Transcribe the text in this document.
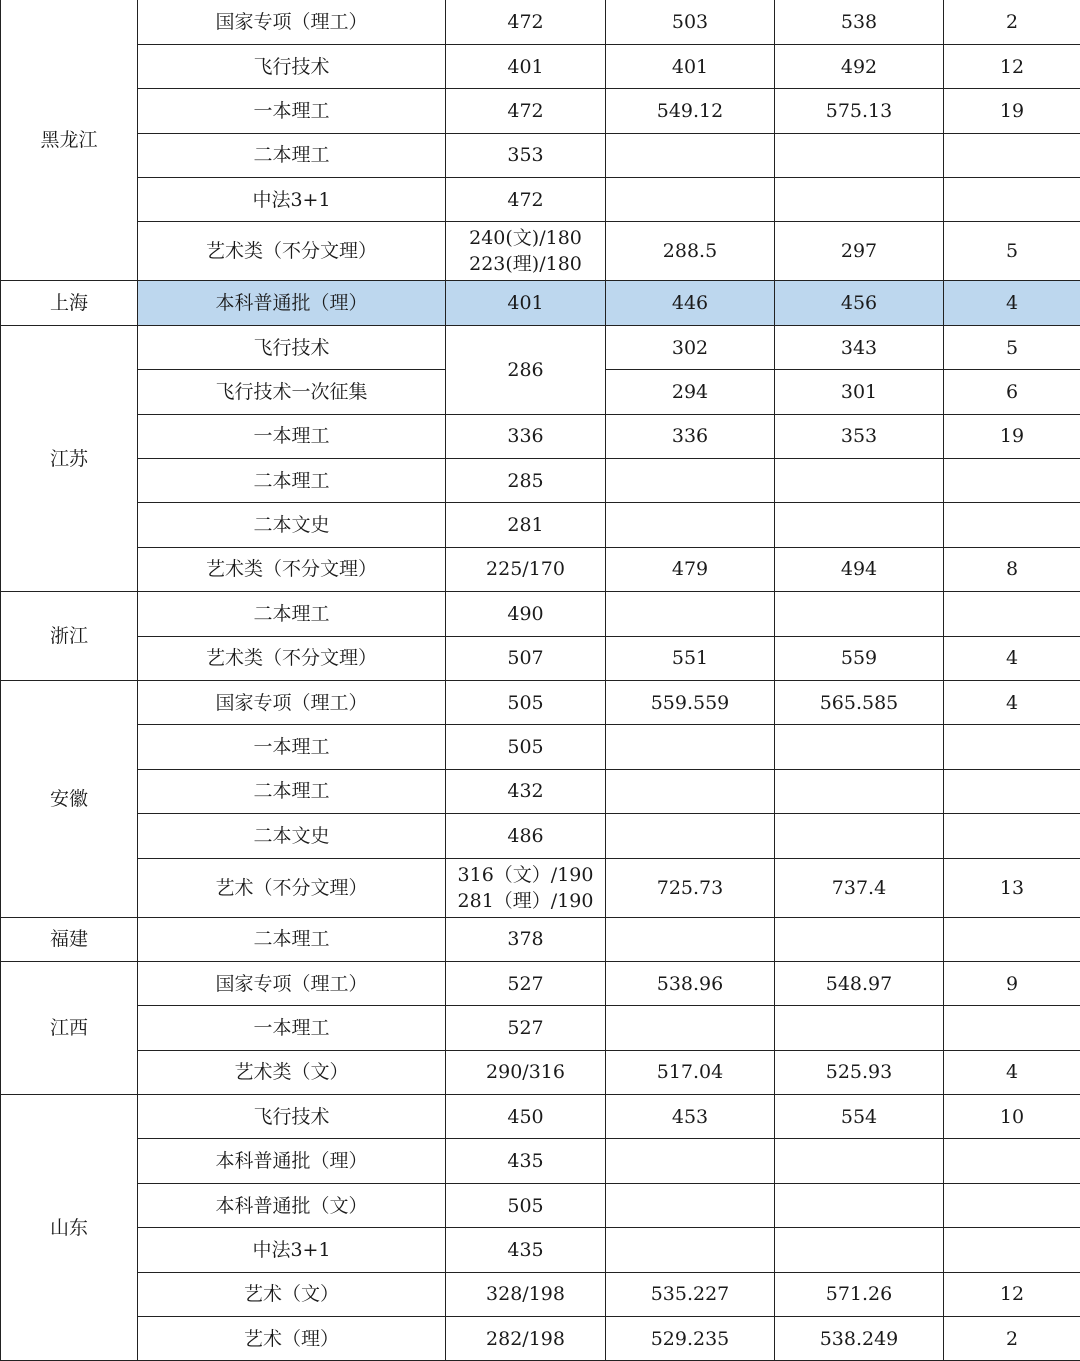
黑龙江	国家专项（理工）	472	503	538	2
	飞行技术	401	401	492	12
	一本理工	472	549.12	575.13	19
	二本理工	353			
	中法3+1	472			
	艺术类（不分文理）	240(文)/180
223(理)/180	288.5	297	5
上海	本科普通批（理）	401	446	456	4
江苏	飞行技术	286	302	343	5
	飞行技术一次征集		294	301	6
	一本理工	336	336	353	19
	二本理工	285			
	二本文史	281			
	艺术类（不分文理）	225/170	479	494	8
浙江	二本理工	490			
	艺术类（不分文理）	507	551	559	4
安徽	国家专项（理工）	505	559.559	565.585	4
	一本理工	505			
	二本理工	432			
	二本文史	486			
	艺术（不分文理）	316（文）/190
281（理）/190	725.73	737.4	13
福建	二本理工	378			
江西	国家专项（理工）	527	538.96	548.97	9
	一本理工	527			
	艺术类（文）	290/316	517.04	525.93	4
山东	飞行技术	450	453	554	10
	本科普通批（理）	435			
	本科普通批（文）	505			
	中法3+1	435			
	艺术（文）	328/198	535.227	571.26	12
	艺术（理）	282/198	529.235	538.249	2
